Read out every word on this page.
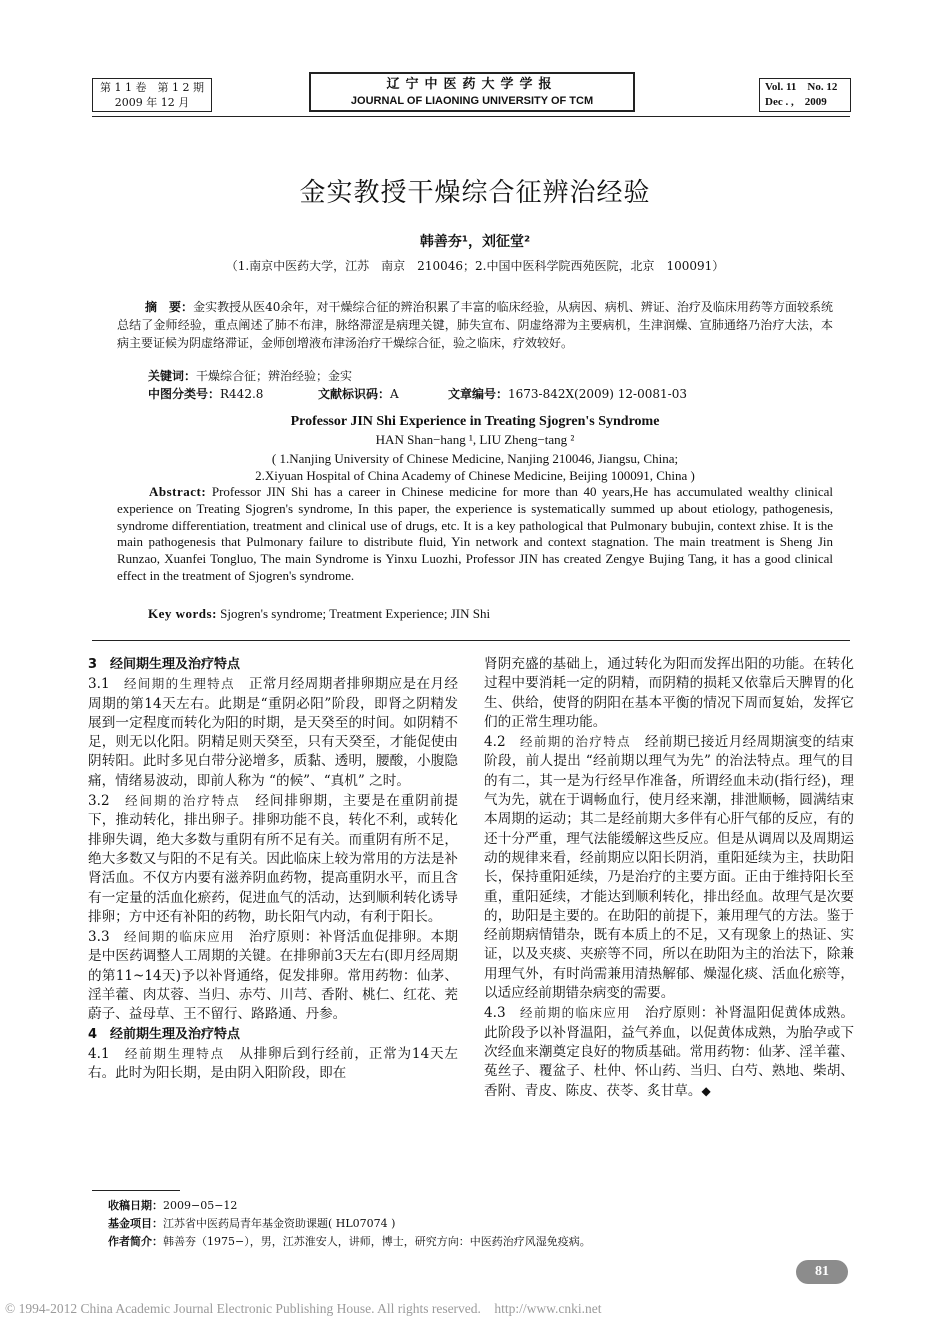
第 1 1 卷　第 1 2 期
2009 年 12 月
辽宁中医药大学学报
JOURNAL OF LIAONING UNIVERSITY OF TCM
Vol. 11　No. 12
Dec . ,　2009
金实教授干燥综合征辨治经验
韩善夯¹，刘征堂²
（1.南京中医药大学，江苏　南京　210046；2.中国中医科学院西苑医院，北京　100091）
摘　要：金实教授从医40余年，对干燥综合征的辨治积累了丰富的临床经验，从病因、病机、辨证、治疗及临床用药等方面较系统总结了金师经验，重点阐述了肺不布津，脉络滞涩是病理关键，肺失宣布、阴虚络滞为主要病机，生津润燥、宣肺通络乃治疗大法，本病主要证候为阴虚络滞证，金师创增液布津汤治疗干燥综合征，验之临床，疗效较好。
关键词：干燥综合征；辨治经验；金实
中图分类号：R442.8	文献标识码：A	文章编号：1673-842X(2009) 12-0081-03
Professor JIN Shi Experience in Treating Sjogren's Syndrome
HAN Shan−hang ¹, LIU Zheng−tang ²
( 1.Nanjing University of Chinese Medicine, Nanjing 210046, Jiangsu, China;
2.Xiyuan Hospital of China Academy of Chinese Medicine, Beijing 100091, China )
Abstract: Professor JIN Shi has a career in Chinese medicine for more than 40 years,He has accumulated wealthy clinical experience on Treating Sjogren's syndrome, In this paper, the experience is systematically summed up about etiology, pathogenesis, syndrome differentiation, treatment and clinical use of drugs, etc. It is a key pathological that Pulmonary bubujin, context zhise. It is the main pathogenesis that Pulmonary failure to distribute fluid, Yin network and context stagnation. The main treatment is Sheng Jin Runzao, Xuanfei Tongluo, The main Syndrome is Yinxu Luozhi, Professor JIN has created Zengye Bujing Tang, it has a good clinical effect in the treatment of Sjogren's syndrome.
Key words: Sjogren's syndrome; Treatment Experience; JIN Shi

3　经间期生理及治疗特点

3.1　 经间期的生理特点　 正常月经周期者排卵期应是在月经周期的第14天左右。此期是“重阴必阳”阶段，即肾之阴精发展到一定程度而转化为阳的时期，是天癸至的时间。如阴精不足，则无以化阳。阴精足则天癸至，只有天癸至，才能促使由阴转阳。此时多见白带分泌增多，质黏、透明，腰酸，小腹隐痛，情绪易波动，即前人称为 “的候”、“真机” 之时。

3.2　 经间期的治疗特点　 经间排卵期，主要是在重阴前提下，推动转化，排出卵子。排卵功能不良，转化不利，或转化排卵失调，绝大多数与重阴有所不足有关。而重阴有所不足，绝大多数又与阳的不足有关。因此临床上较为常用的方法是补肾活血。不仅方内要有滋养阴血药物，提高重阴水平，而且含有一定量的活血化瘀药，促进血气的活动，达到顺利转化诱导排卵；方中还有补阳的药物，助长阳气内动，有利于阳长。

3.3　 经间期的临床应用　 治疗原则：补肾活血促排卵。本期是中医药调整人工周期的关键。在排卵前3天左右(即月经周期的第11~14天)予以补肾通络，促发排卵。常用药物：仙茅、淫羊藿、肉苁蓉、当归、赤芍、川芎、香附、桃仁、红花、茺蔚子、益母草、王不留行、路路通、丹参。

4　经前期生理及治疗特点

4.1　 经前期生理特点　 从排卵后到行经前，正常为14天左右。此时为阳长期，是由阴入阳阶段，即在

肾阴充盛的基础上，通过转化为阳而发挥出阳的功能。在转化过程中要消耗一定的阴精，而阴精的损耗又依靠后天脾胃的化生、供给，使肾的阴阳在基本平衡的情况下周而复始，发挥它们的正常生理功能。

4.2　 经前期的治疗特点　 经前期已接近月经周期演变的结束阶段，前人提出 “经前期以理气为先” 的治法特点。理气的目的有二，其一是为行经早作准备，所谓经血未动(指行经)，理气为先，就在于调畅血行，使月经来潮，排泄顺畅，圆满结束本周期的运动；其二是经前期大多伴有心肝气郁的反应，有的还十分严重，理气法能缓解这些反应。但是从调周以及周期运动的规律来看，经前期应以阳长阴消，重阳延续为主，扶助阳长，保持重阳延续，乃是治疗的主要方面。正由于维持阳长至重，重阳延续，才能达到顺利转化，排出经血。故理气是次要的，助阳是主要的。在助阳的前提下，兼用理气的方法。鉴于经前期病情错杂，既有本质上的不足，又有现象上的热证、实证，以及夹痰、夹瘀等不同，所以在助阳为主的治法下，除兼用理气外，有时尚需兼用清热解郁、燥湿化痰、活血化瘀等，以适应经前期错杂病变的需要。

4.3　 经前期的临床应用　 治疗原则：补肾温阳促黄体成熟。此阶段予以补肾温阳，益气养血，以促黄体成熟，为胎孕或下次经血来潮奠定良好的物质基础。常用药物：仙茅、淫羊藿、菟丝子、覆盆子、杜仲、怀山药、当归、白芍、熟地、柴胡、香附、青皮、陈皮、茯苓、炙甘草。◆

收稿日期：2009−05−12
基金项目：江苏省中医药局青年基金资助课题( HL07074 )
作者简介：韩善夯（1975−），男，江苏淮安人，讲师，博士，研究方向：中医药治疗风湿免疫病。
81
© 1994-2012 China Academic Journal Electronic Publishing House. All rights reserved.　http://www.cnki.net
